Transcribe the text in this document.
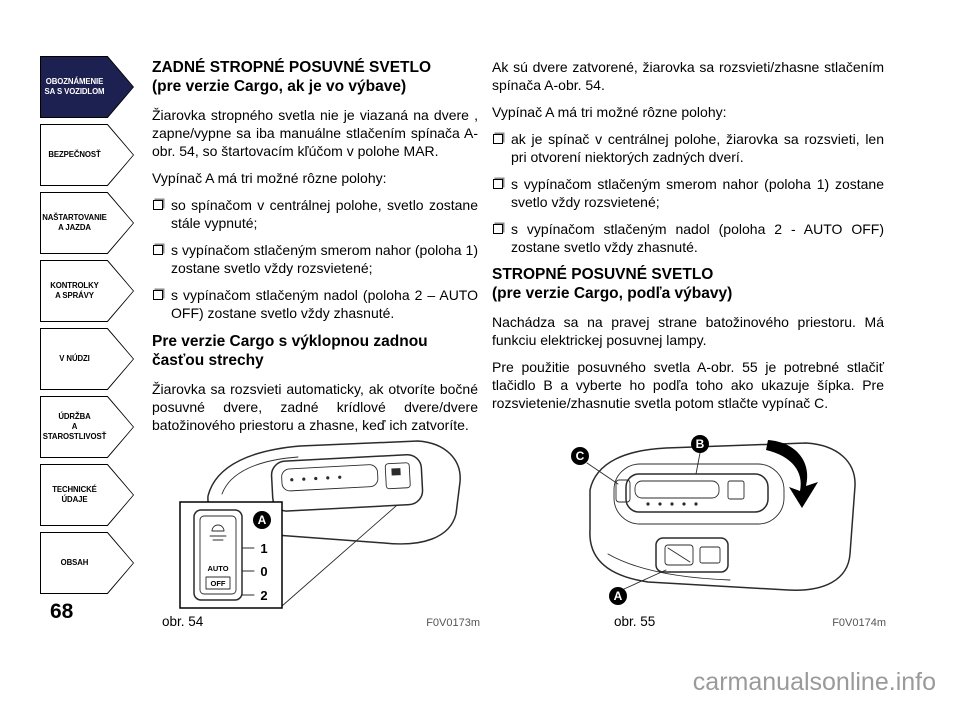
OBOZNÁMENIE
SA S VOZIDLOM
BEZPEČNOSŤ
NAŠTARTOVANIE
A JAZDA
KONTROLKY
A SPRÁVY
V NÚDZI
ÚDRŽBA
A STAROSTLIVOSŤ
TECHNICKÉ
ÚDAJE
OBSAH
68
ZADNÉ STROPNÉ POSUVNÉ SVETLO
(pre verzie Cargo, ak je vo výbave)

Žiarovka stropného svetla nie je viazaná na dvere , zapne/vypne sa iba manuálne stlačením spínača A-obr. 54, so štartovacím kľúčom v polohe MAR.

Vypínač A má tri možné rôzne polohy:

so spínačom v centrálnej polohe, svetlo zostane stále vypnuté;
s vypínačom stlačeným smerom nahor (poloha 1) zostane svetlo vždy rozsvietené;
s vypínačom stlačeným nadol (poloha 2 – AUTO OFF) zostane svetlo vždy zhasnuté.
Pre verzie Cargo s výklopnou zadnou časťou strechy

Žiarovka sa rozsvieti automaticky, ak otvoríte bočné posuvné dvere, zadné krídlové dvere/dvere batožinového priestoru a zhasne, keď ich zatvoríte.

Ak sú dvere zatvorené, žiarovka sa rozsvieti/zhasne stlačením spínača A-obr. 54.

Vypínač A má tri možné rôzne polohy:

ak je spínač v centrálnej polohe, žiarovka sa rozsvieti, len pri otvorení niektorých zadných dverí.
s vypínačom stlačeným smerom nahor (poloha 1) zostane svetlo vždy rozsvietené;
s vypínačom stlačeným nadol (poloha 2 - AUTO OFF) zostane svetlo vždy zhasnuté.
STROPNÉ POSUVNÉ SVETLO
(pre verzie Cargo, podľa výbavy)

Nachádza sa na pravej strane batožinového priestoru. Má funkciu elektrickej posuvnej lampy.

Pre použitie posuvného svetla A-obr. 55 je potrebné stlačiť tlačidlo B a vyberte ho podľa toho ako ukazuje šípka. Pre rozsvietenie/zhasnutie svetla potom stlačte vypínač C.

AUTO
OFF
A
1
0
2
obr. 54	F0V0173m
C
B
A
obr. 55	F0V0174m
carmanualsonline.info
